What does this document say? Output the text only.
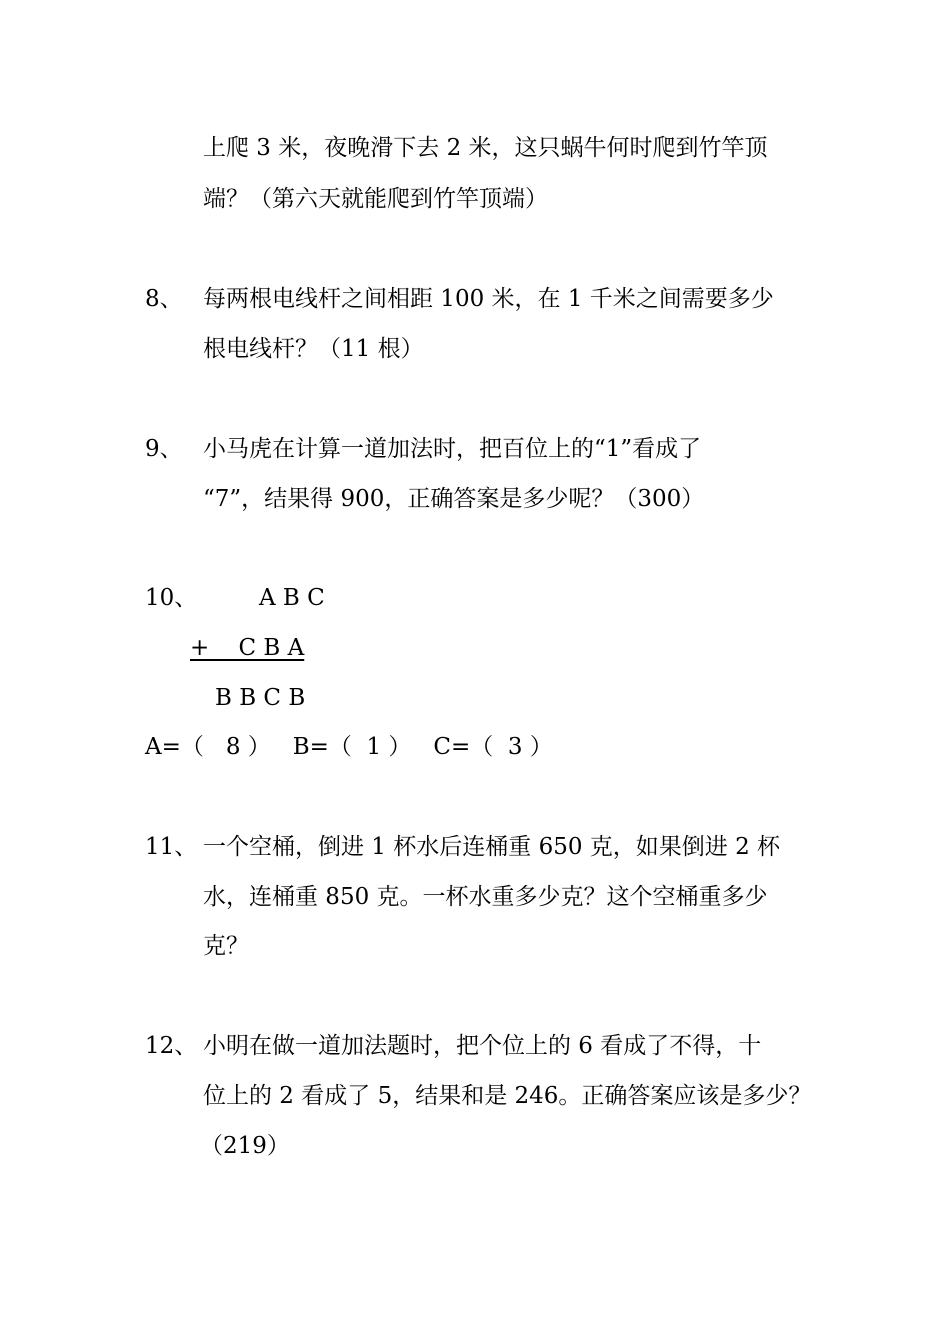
上爬 3 米，夜晚滑下去 2 米，这只蜗牛何时爬到竹竿顶
端？（第六天就能爬到竹竿顶端）
8、 每两根电线杆之间相距 100 米，在 1 千米之间需要多少
根电线杆？（11 根）
9、 小马虎在计算一道加法时，把百位上的“1”看成了
“7”，结果得 900，正确答案是多少呢？（300）
10、	A B C
+    C B A
B B C B
A=（   8 ）   B=（  1 ）   C=（  3 ）
11、 一个空桶，倒进 1 杯水后连桶重 650 克，如果倒进 2 杯
水，连桶重 850 克。一杯水重多少克？这个空桶重多少
克？
12、 小明在做一道加法题时，把个位上的 6 看成了不得，十
位上的 2 看成了 5，结果和是 246。正确答案应该是多少？
（219）
